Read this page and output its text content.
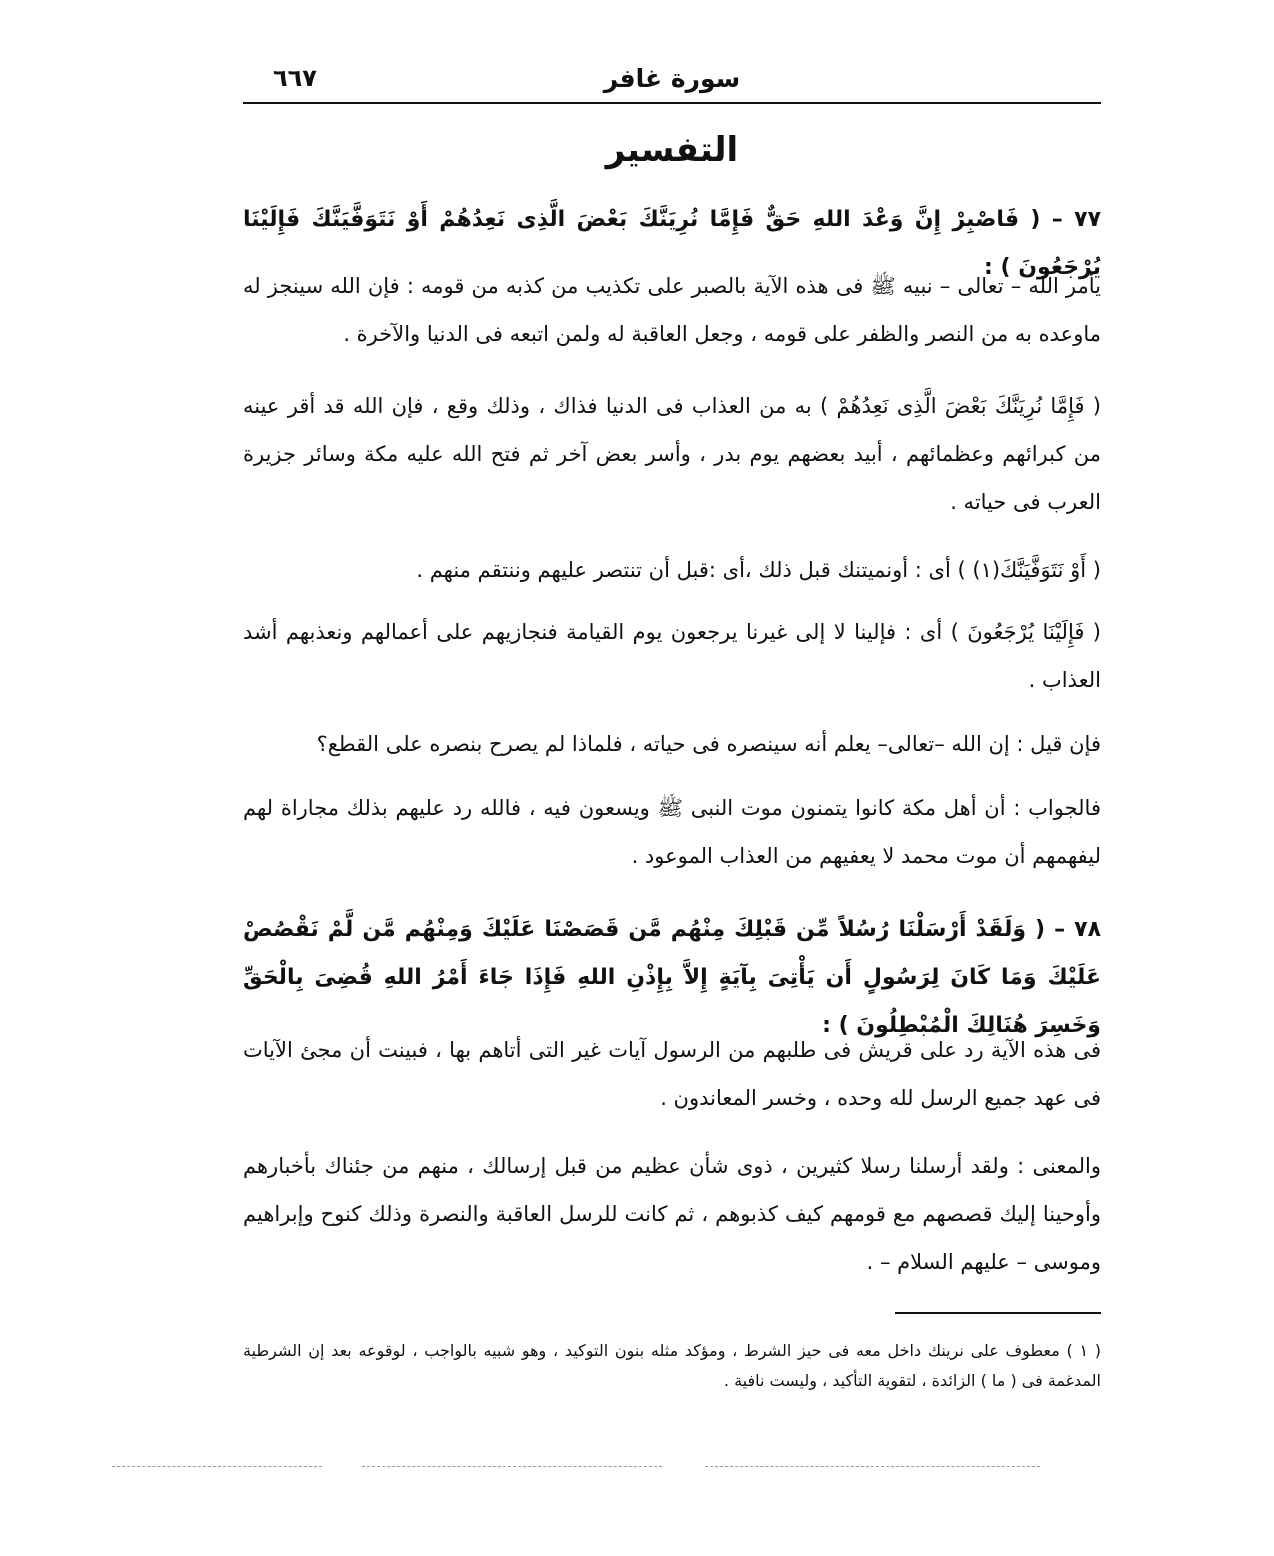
سورة غافر
٦٦٧
التفسير

٧٧ – ( فَاصْبِرْ إِنَّ وَعْدَ اللهِ حَقٌّ فَإِمَّا نُرِيَنَّكَ بَعْضَ الَّذِى نَعِدُهُمْ أَوْ نَتَوَفَّيَنَّكَ فَإِلَيْنَا يُرْجَعُونَ ) :

يأمر الله – تعالى – نبيه ﷺ فى هذه الآية بالصبر على تكذيب من كذبه من قومه : فإن الله سينجز له ماوعده به من النصر والظفر على قومه ، وجعل العاقبة له ولمن اتبعه فى الدنيا والآخرة .

( فَإِمَّا نُرِيَنَّكَ بَعْضَ الَّذِى نَعِدُهُمْ ) به من العذاب فى الدنيا فذاك ، وذلك وقع ، فإن الله قد أقر عينه من كبرائهم وعظمائهم ، أبيد بعضهم يوم بدر ، وأسر بعض آخر ثم فتح الله عليه مكة وسائر جزيرة العرب فى حياته .

( أَوْ نَتَوَفَّيَنَّكَ(١) ) أى : أونميتنك قبل ذلك ،أى :قبل أن تنتصر عليهم وننتقم منهم .

( فَإِلَيْنَا يُرْجَعُونَ ) أى : فإلينا لا إلى غيرنا يرجعون يوم القيامة فنجازيهم على أعمالهم ونعذبهم أشد العذاب .

فإن قيل : إن الله –تعالى– يعلم أنه سينصره فى حياته ، فلماذا لم يصرح بنصره على القطع؟

فالجواب : أن أهل مكة كانوا يتمنون موت النبى ﷺ ويسعون فيه ، فالله رد عليهم بذلك مجاراة لهم ليفهمهم أن موت محمد لا يعفيهم من العذاب الموعود .

٧٨ – ( وَلَقَدْ أَرْسَلْنَا رُسُلاً مِّن قَبْلِكَ مِنْهُم مَّن قَصَصْنَا عَلَيْكَ وَمِنْهُم مَّن لَّمْ نَقْصُصْ عَلَيْكَ وَمَا كَانَ لِرَسُولٍ أَن يَأْتِىَ بِآيَةٍ إِلاَّ بِإِذْنِ اللهِ فَإِذَا جَاءَ أَمْرُ اللهِ قُضِىَ بِالْحَقِّ وَخَسِرَ هُنَالِكَ الْمُبْطِلُونَ ) :

فى هذه الآية رد على قريش فى طلبهم من الرسول آيات غير التى أتاهم بها ، فبينت أن مجئ الآيات فى عهد جميع الرسل لله وحده ، وخسر المعاندون .

والمعنى : ولقد أرسلنا رسلا كثيرين ، ذوى شأن عظيم من قبل إرسالك ، منهم من جئناك بأخبارهم وأوحينا إليك قصصهم مع قومهم كيف كذبوهم ، ثم كانت للرسل العاقبة والنصرة وذلك كنوح وإبراهيم وموسى – عليهم السلام – .

( ١ ) معطوف على نرينك داخل معه فى حيز الشرط ، ومؤكد مثله بنون التوكيد ، وهو شبيه بالواجب ، لوقوعه بعد إن الشرطية المدغمة فى ( ما ) الزائدة ، لتقوية التأكيد ، وليست نافية .
